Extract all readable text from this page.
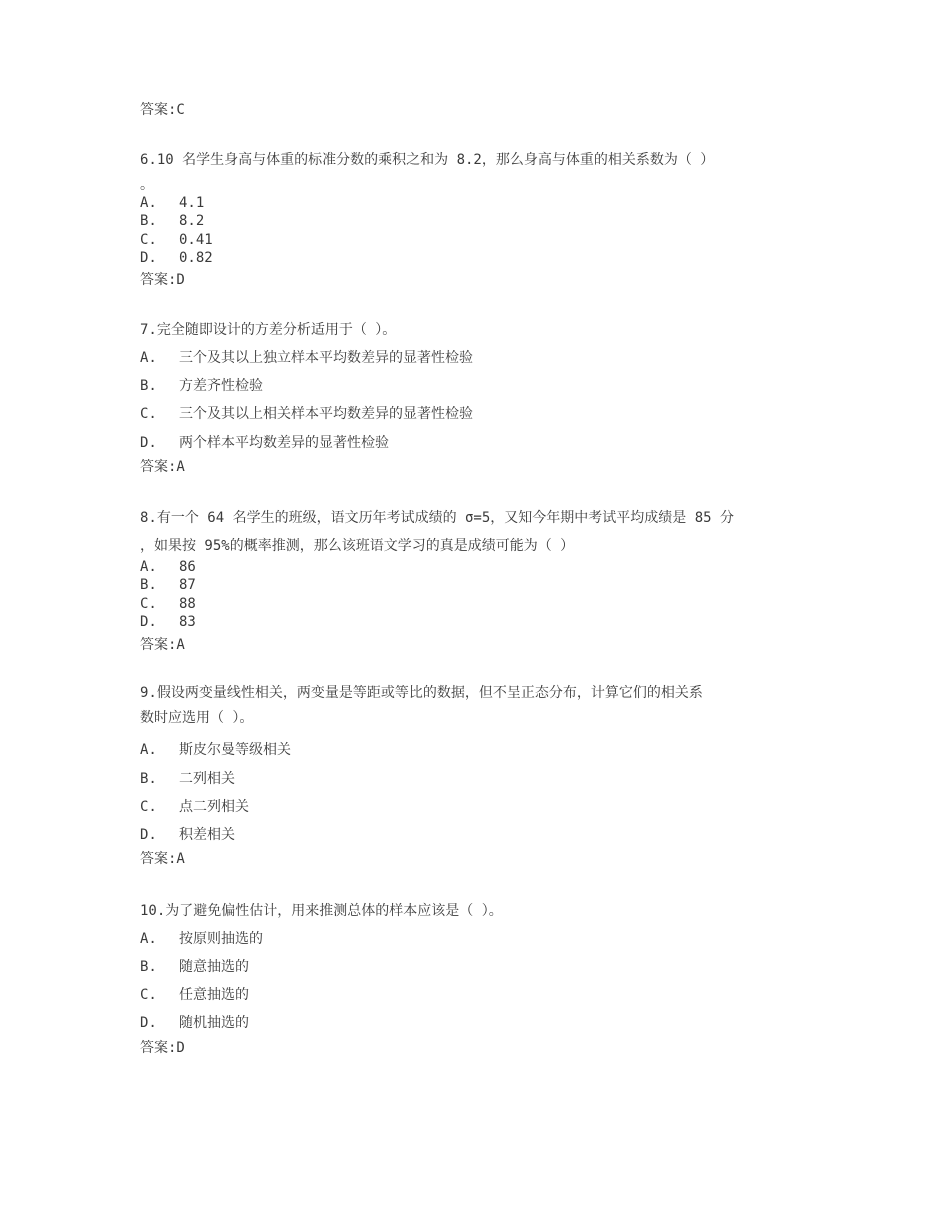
答案:C
6.10 名学生身高与体重的标准分数的乘积之和为 8.2，那么身高与体重的相关系数为（ ）
。
A. 4.1
B. 8.2
C. 0.41
D. 0.82
答案:D
7.完全随即设计的方差分析适用于（ ）。
A. 三个及其以上独立样本平均数差异的显著性检验
B. 方差齐性检验
C. 三个及其以上相关样本平均数差异的显著性检验
D. 两个样本平均数差异的显著性检验
答案:A
8.有一个 64 名学生的班级，语文历年考试成绩的 σ=5，又知今年期中考试平均成绩是 85 分
，如果按 95%的概率推测，那么该班语文学习的真是成绩可能为（ ）
A. 86
B. 87
C. 88
D. 83
答案:A
9.假设两变量线性相关，两变量是等距或等比的数据，但不呈正态分布，计算它们的相关系
数时应选用（ ）。
A. 斯皮尔曼等级相关
B. 二列相关
C. 点二列相关
D. 积差相关
答案:A
10.为了避免偏性估计，用来推测总体的样本应该是（ ）。
A. 按原则抽选的
B. 随意抽选的
C. 任意抽选的
D. 随机抽选的
答案:D
